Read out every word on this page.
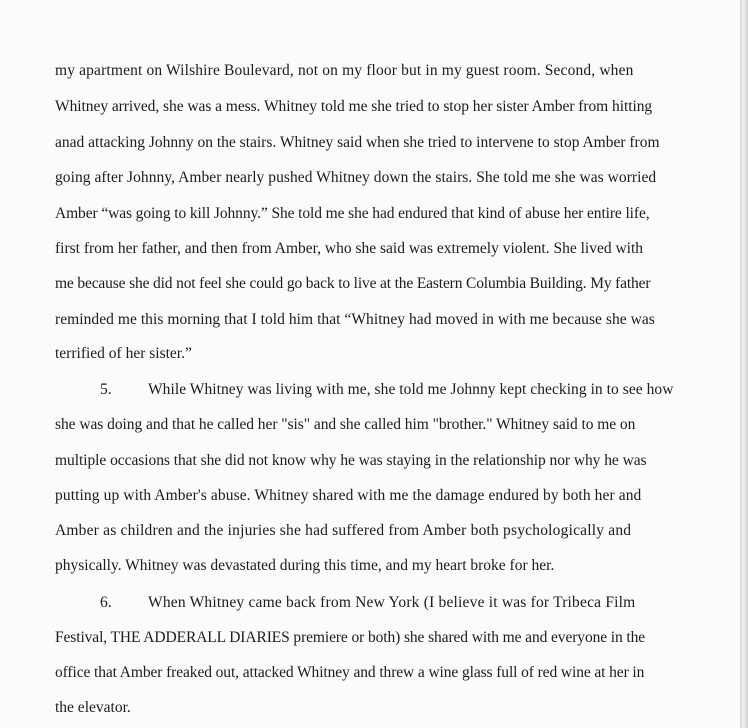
my apartment on Wilshire Boulevard, not on my floor but in my guest room. Second, when

Whitney arrived, she was a mess. Whitney told me she tried to stop her sister Amber from hitting

anad attacking Johnny on the stairs. Whitney said when she tried to intervene to stop Amber from

going after Johnny, Amber nearly pushed Whitney down the stairs. She told me she was worried

Amber “was going to kill Johnny.” She told me she had endured that kind of abuse her entire life,

first from her father, and then from Amber, who she said was extremely violent. She lived with

me because she did not feel she could go back to live at the Eastern Columbia Building. My father

reminded me this morning that I told him that “Whitney had moved in with me because she was

terrified of her sister.”

5. While Whitney was living with me, she told me Johnny kept checking in to see how

she was doing and that he called her "sis" and she called him "brother." Whitney said to me on

multiple occasions that she did not know why he was staying in the relationship nor why he was

putting up with Amber's abuse. Whitney shared with me the damage endured by both her and

Amber as children and the injuries she had suffered from Amber both psychologically and

physically. Whitney was devastated during this time, and my heart broke for her.

6. When Whitney came back from New York (I believe it was for Tribeca Film

Festival, THE ADDERALL DIARIES premiere or both) she shared with me and everyone in the

office that Amber freaked out, attacked Whitney and threw a wine glass full of red wine at her in

the elevator.
